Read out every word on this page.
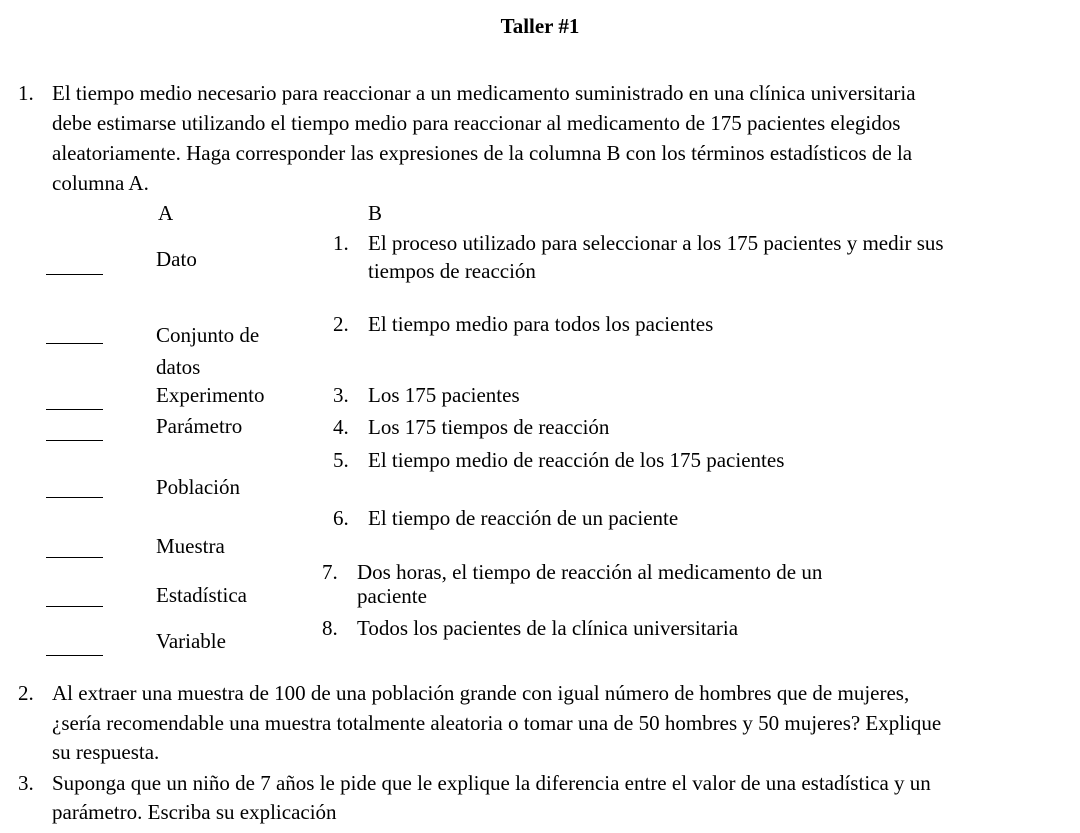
Taller #1
1. El tiempo medio necesario para reaccionar a un medicamento suministrado en una clínica universitaria
debe estimarse utilizando el tiempo medio para reaccionar al medicamento de 175 pacientes elegidos
aleatoriamente. Haga corresponder las expresiones de la columna B con los términos estadísticos de la
columna A.
A	B
Dato
Conjunto de
datos
Experimento
Parámetro
Población
Muestra
Estadística
Variable
1. El proceso utilizado para seleccionar a los 175 pacientes y medir sus
tiempos de reacción
2. El tiempo medio para todos los pacientes
3. Los 175 pacientes
4. Los 175 tiempos de reacción
5. El tiempo medio de reacción de los 175 pacientes
6. El tiempo de reacción de un paciente
7. Dos horas, el tiempo de reacción al medicamento de un
paciente
8. Todos los pacientes de la clínica universitaria
2. Al extraer una muestra de 100 de una población grande con igual número de hombres que de mujeres,
¿sería recomendable una muestra totalmente aleatoria o tomar una de 50 hombres y 50 mujeres? Explique
su respuesta.
3. Suponga que un niño de 7 años le pide que le explique la diferencia entre el valor de una estadística y un
parámetro. Escriba su explicación
